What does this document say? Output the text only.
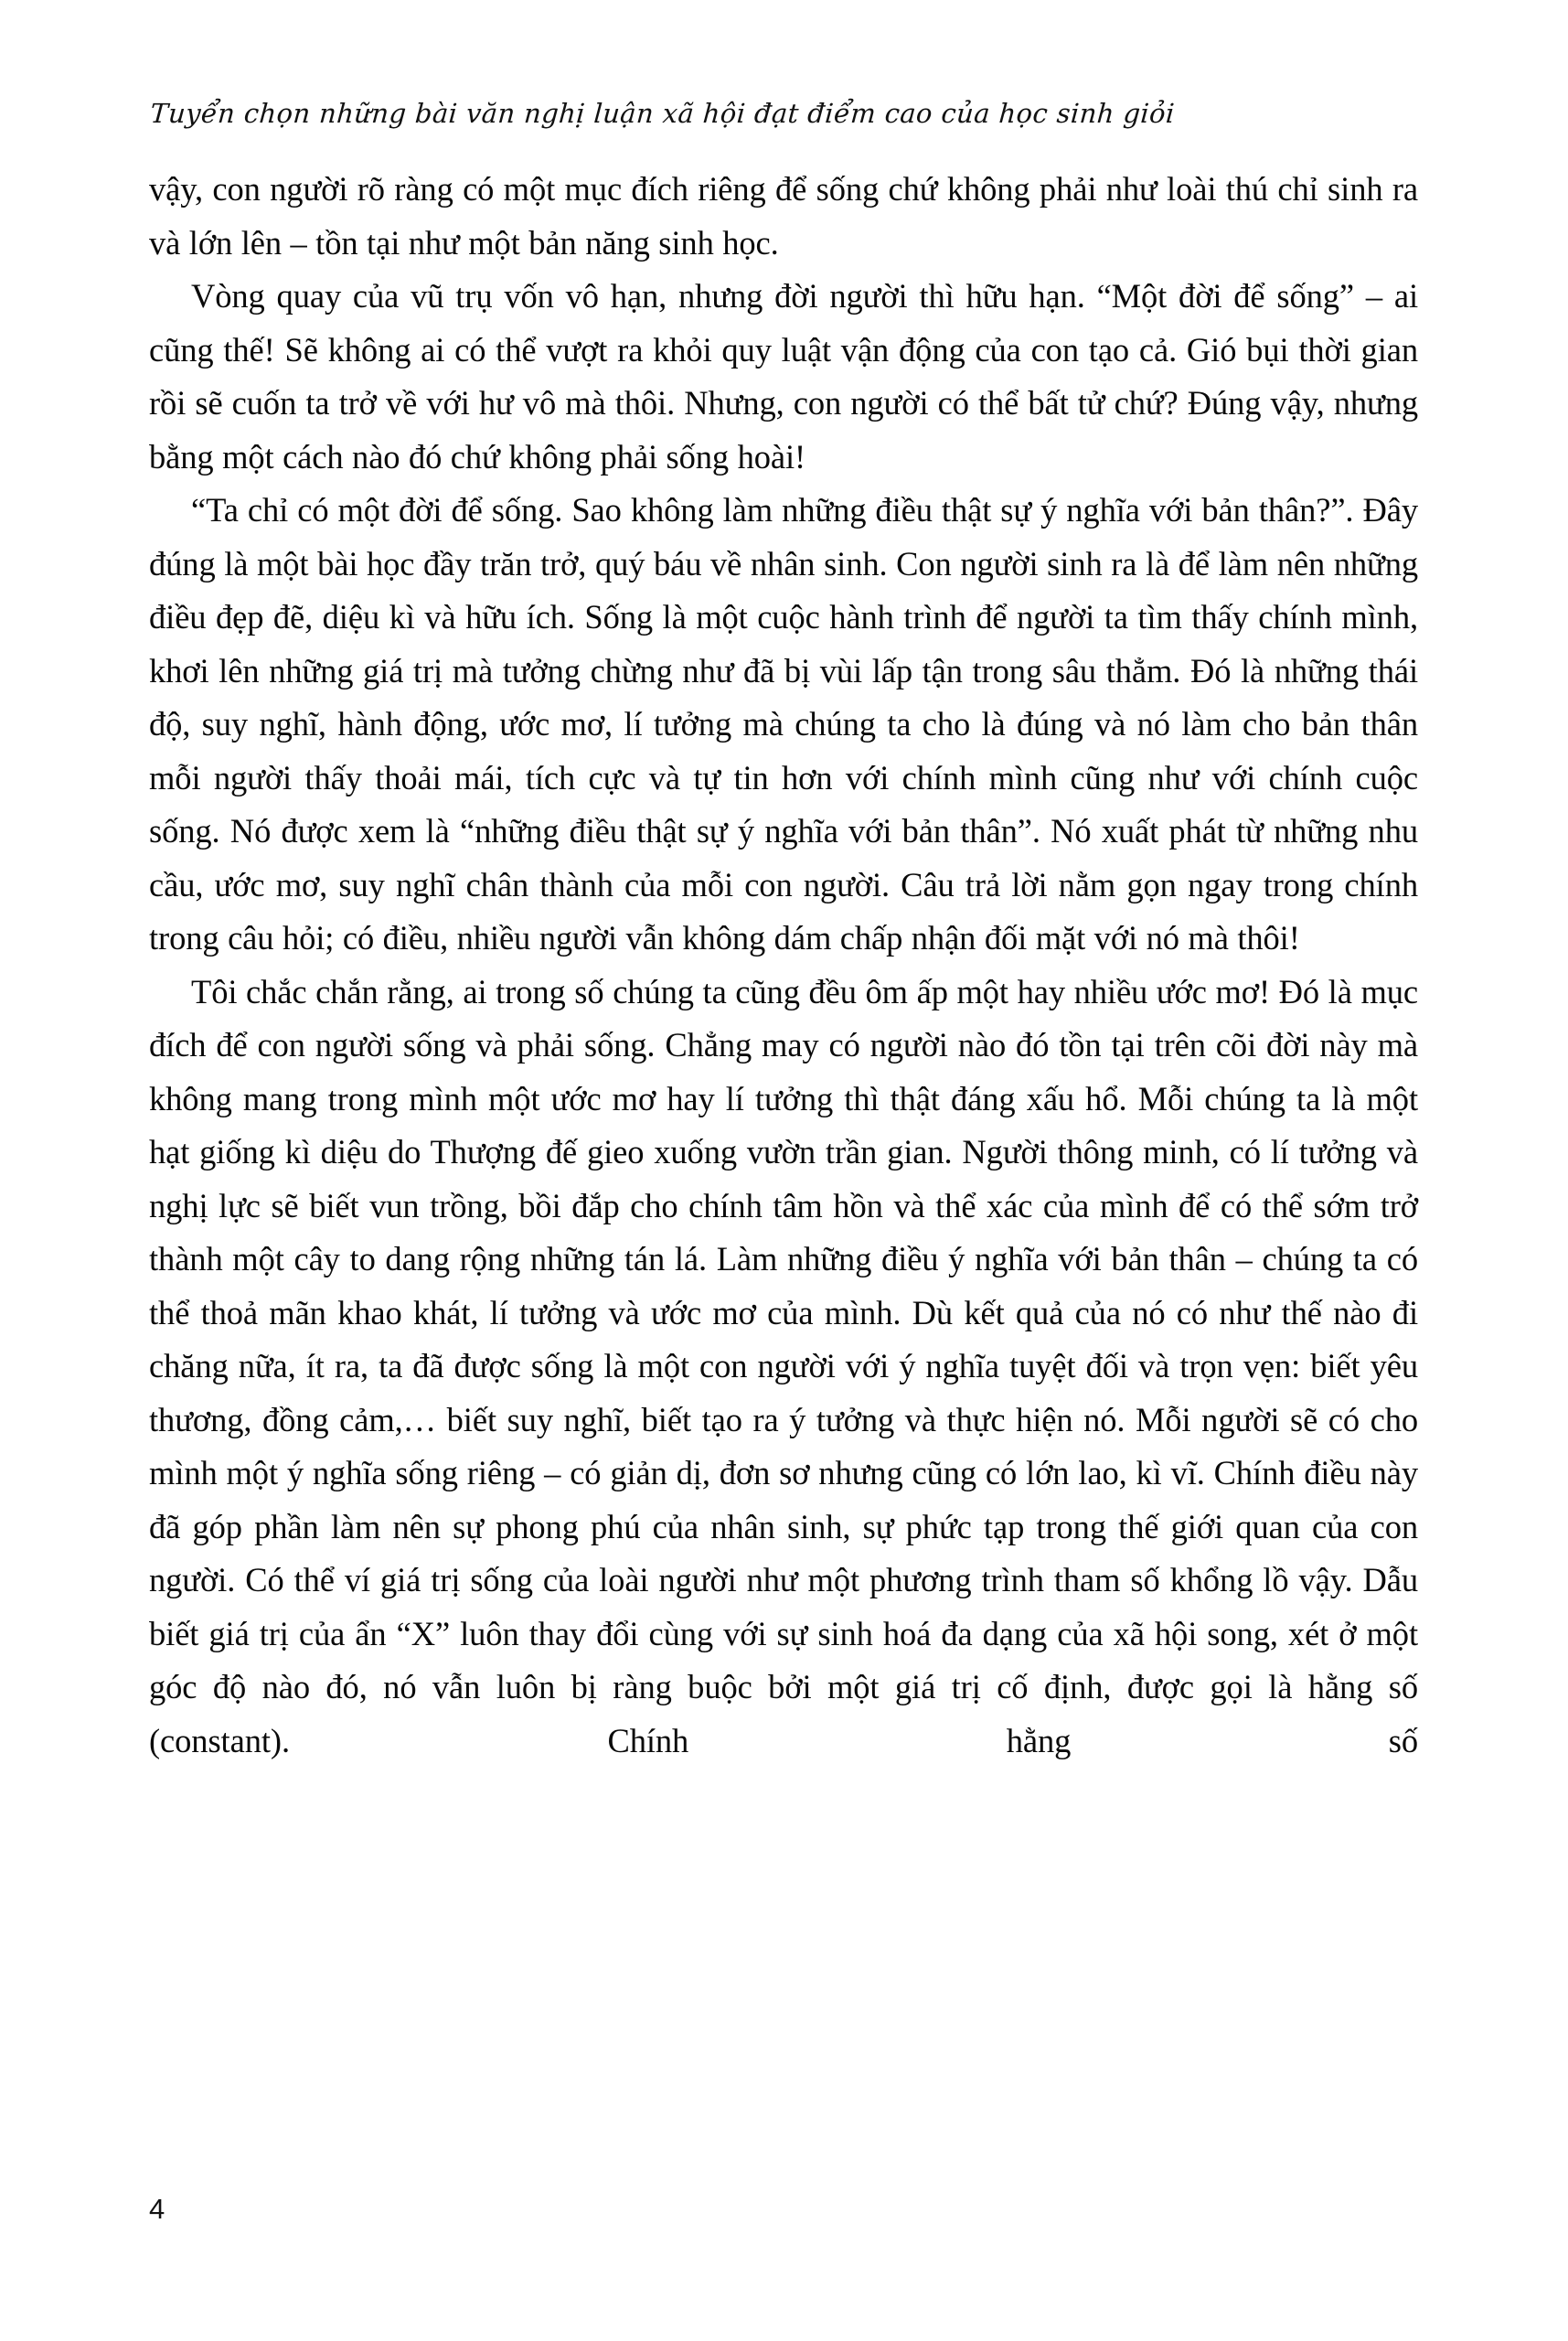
Tuyển chọn những bài văn nghị luận xã hội đạt điểm cao của học sinh giỏi

vậy, con người rõ ràng có một mục đích riêng để sống chứ không phải như loài thú chỉ sinh ra và lớn lên – tồn tại như một bản năng sinh học.

Vòng quay của vũ trụ vốn vô hạn, nhưng đời người thì hữu hạn. “Một đời để sống” – ai cũng thế! Sẽ không ai có thể vượt ra khỏi quy luật vận động của con tạo cả. Gió bụi thời gian rồi sẽ cuốn ta trở về với hư vô mà thôi. Nhưng, con người có thể bất tử chứ? Đúng vậy, nhưng bằng một cách nào đó chứ không phải sống hoài!

“Ta chỉ có một đời để sống. Sao không làm những điều thật sự ý nghĩa với bản thân?”. Đây đúng là một bài học đầy trăn trở, quý báu về nhân sinh. Con người sinh ra là để làm nên những điều đẹp đẽ, diệu kì và hữu ích. Sống là một cuộc hành trình để người ta tìm thấy chính mình, khơi lên những giá trị mà tưởng chừng như đã bị vùi lấp tận trong sâu thẳm. Đó là những thái độ, suy nghĩ, hành động, ước mơ, lí tưởng mà chúng ta cho là đúng và nó làm cho bản thân mỗi người thấy thoải mái, tích cực và tự tin hơn với chính mình cũng như với chính cuộc sống. Nó được xem là “những điều thật sự ý nghĩa với bản thân”. Nó xuất phát từ những nhu cầu, ước mơ, suy nghĩ chân thành của mỗi con người. Câu trả lời nằm gọn ngay trong chính trong câu hỏi; có điều, nhiều người vẫn không dám chấp nhận đối mặt với nó mà thôi!

Tôi chắc chắn rằng, ai trong số chúng ta cũng đều ôm ấp một hay nhiều ước mơ! Đó là mục đích để con người sống và phải sống. Chẳng may có người nào đó tồn tại trên cõi đời này mà không mang trong mình một ước mơ hay lí tưởng thì thật đáng xấu hổ. Mỗi chúng ta là một hạt giống kì diệu do Thượng đế gieo xuống vườn trần gian. Người thông minh, có lí tưởng và nghị lực sẽ biết vun trồng, bồi đắp cho chính tâm hồn và thể xác của mình để có thể sớm trở thành một cây to dang rộng những tán lá. Làm những điều ý nghĩa với bản thân – chúng ta có thể thoả mãn khao khát, lí tưởng và ước mơ của mình. Dù kết quả của nó có như thế nào đi chăng nữa, ít ra, ta đã được sống là một con người với ý nghĩa tuyệt đối và trọn vẹn: biết yêu thương, đồng cảm,… biết suy nghĩ, biết tạo ra ý tưởng và thực hiện nó. Mỗi người sẽ có cho mình một ý nghĩa sống riêng – có giản dị, đơn sơ nhưng cũng có lớn lao, kì vĩ. Chính điều này đã góp phần làm nên sự phong phú của nhân sinh, sự phức tạp trong thế giới quan của con người. Có thể ví giá trị sống của loài người như một phương trình tham số khổng lồ vậy. Dẫu biết giá trị của ẩn “X” luôn thay đổi cùng với sự sinh hoá đa dạng của xã hội song, xét ở một góc độ nào đó, nó vẫn luôn bị ràng buộc bởi một giá trị cố định, được gọi là hằng số (constant). Chính hằng số

4
